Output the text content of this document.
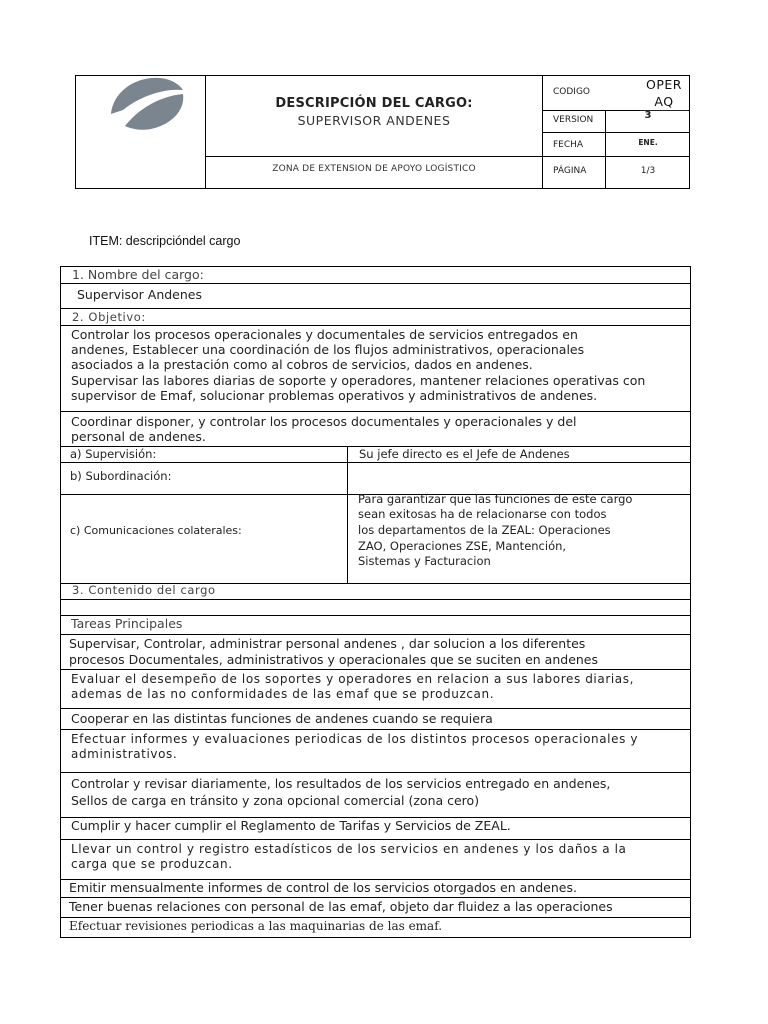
DESCRIPCIÓN DEL CARGO:
SUPERVISOR ANDENES
ZONA DE EXTENSION DE APOYO LOGÍSTICO
CODIGO	OPER
AQ
VERSION	3
FECHA	ENE.
PÁGINA	1/3
ITEM: descripcióndel cargo
1. Nombre del cargo:
Supervisor Andenes
2. Objetivo:
Controlar los procesos operacionales y documentales de servicios entregados en
andenes, Establecer una coordinación de los flujos administrativos, operacionales
asociados a la prestación como al cobros de servicios, dados en andenes.
Supervisar las labores diarias de soporte y operadores, mantener relaciones operativas con
supervisor de Emaf, solucionar problemas operativos y administrativos de andenes.
Coordinar disponer, y controlar los procesos documentales y operacionales y del
personal de andenes.
a) Supervisión:	Su jefe directo es el Jefe de Andenes
b) Subordinación:
c) Comunicaciones colaterales:
Para garantizar que las funciones de este cargo
sean exitosas ha de relacionarse con todos
los departamentos de la ZEAL: Operaciones
ZAO, Operaciones ZSE, Mantención,
Sistemas y Facturacion
3. Contenido del cargo
Tareas Principales
Supervisar, Controlar, administrar personal andenes , dar solucion a los diferentes
procesos Documentales, administrativos y operacionales que se suciten en andenes
Evaluar el desempeño de los soportes y operadores en relacion a sus labores diarias,
ademas de las no conformidades de las emaf que se produzcan.
Cooperar en las distintas funciones de andenes cuando se requiera
Efectuar informes y evaluaciones periodicas de los distintos procesos operacionales y
administrativos.
Controlar y revisar diariamente, los resultados de los servicios entregado en andenes,
Sellos de carga en tránsito y zona opcional comercial (zona cero)
Cumplir y hacer cumplir el Reglamento de Tarifas y Servicios de ZEAL.
Llevar un control y registro estadísticos de los servicios en andenes y los daños a la
carga que se produzcan.
Emitir mensualmente informes de control de los servicios otorgados en andenes.
Tener buenas relaciones con personal de las emaf, objeto dar fluidez a las operaciones
Efectuar revisiones periodicas a las maquinarias de las emaf.
